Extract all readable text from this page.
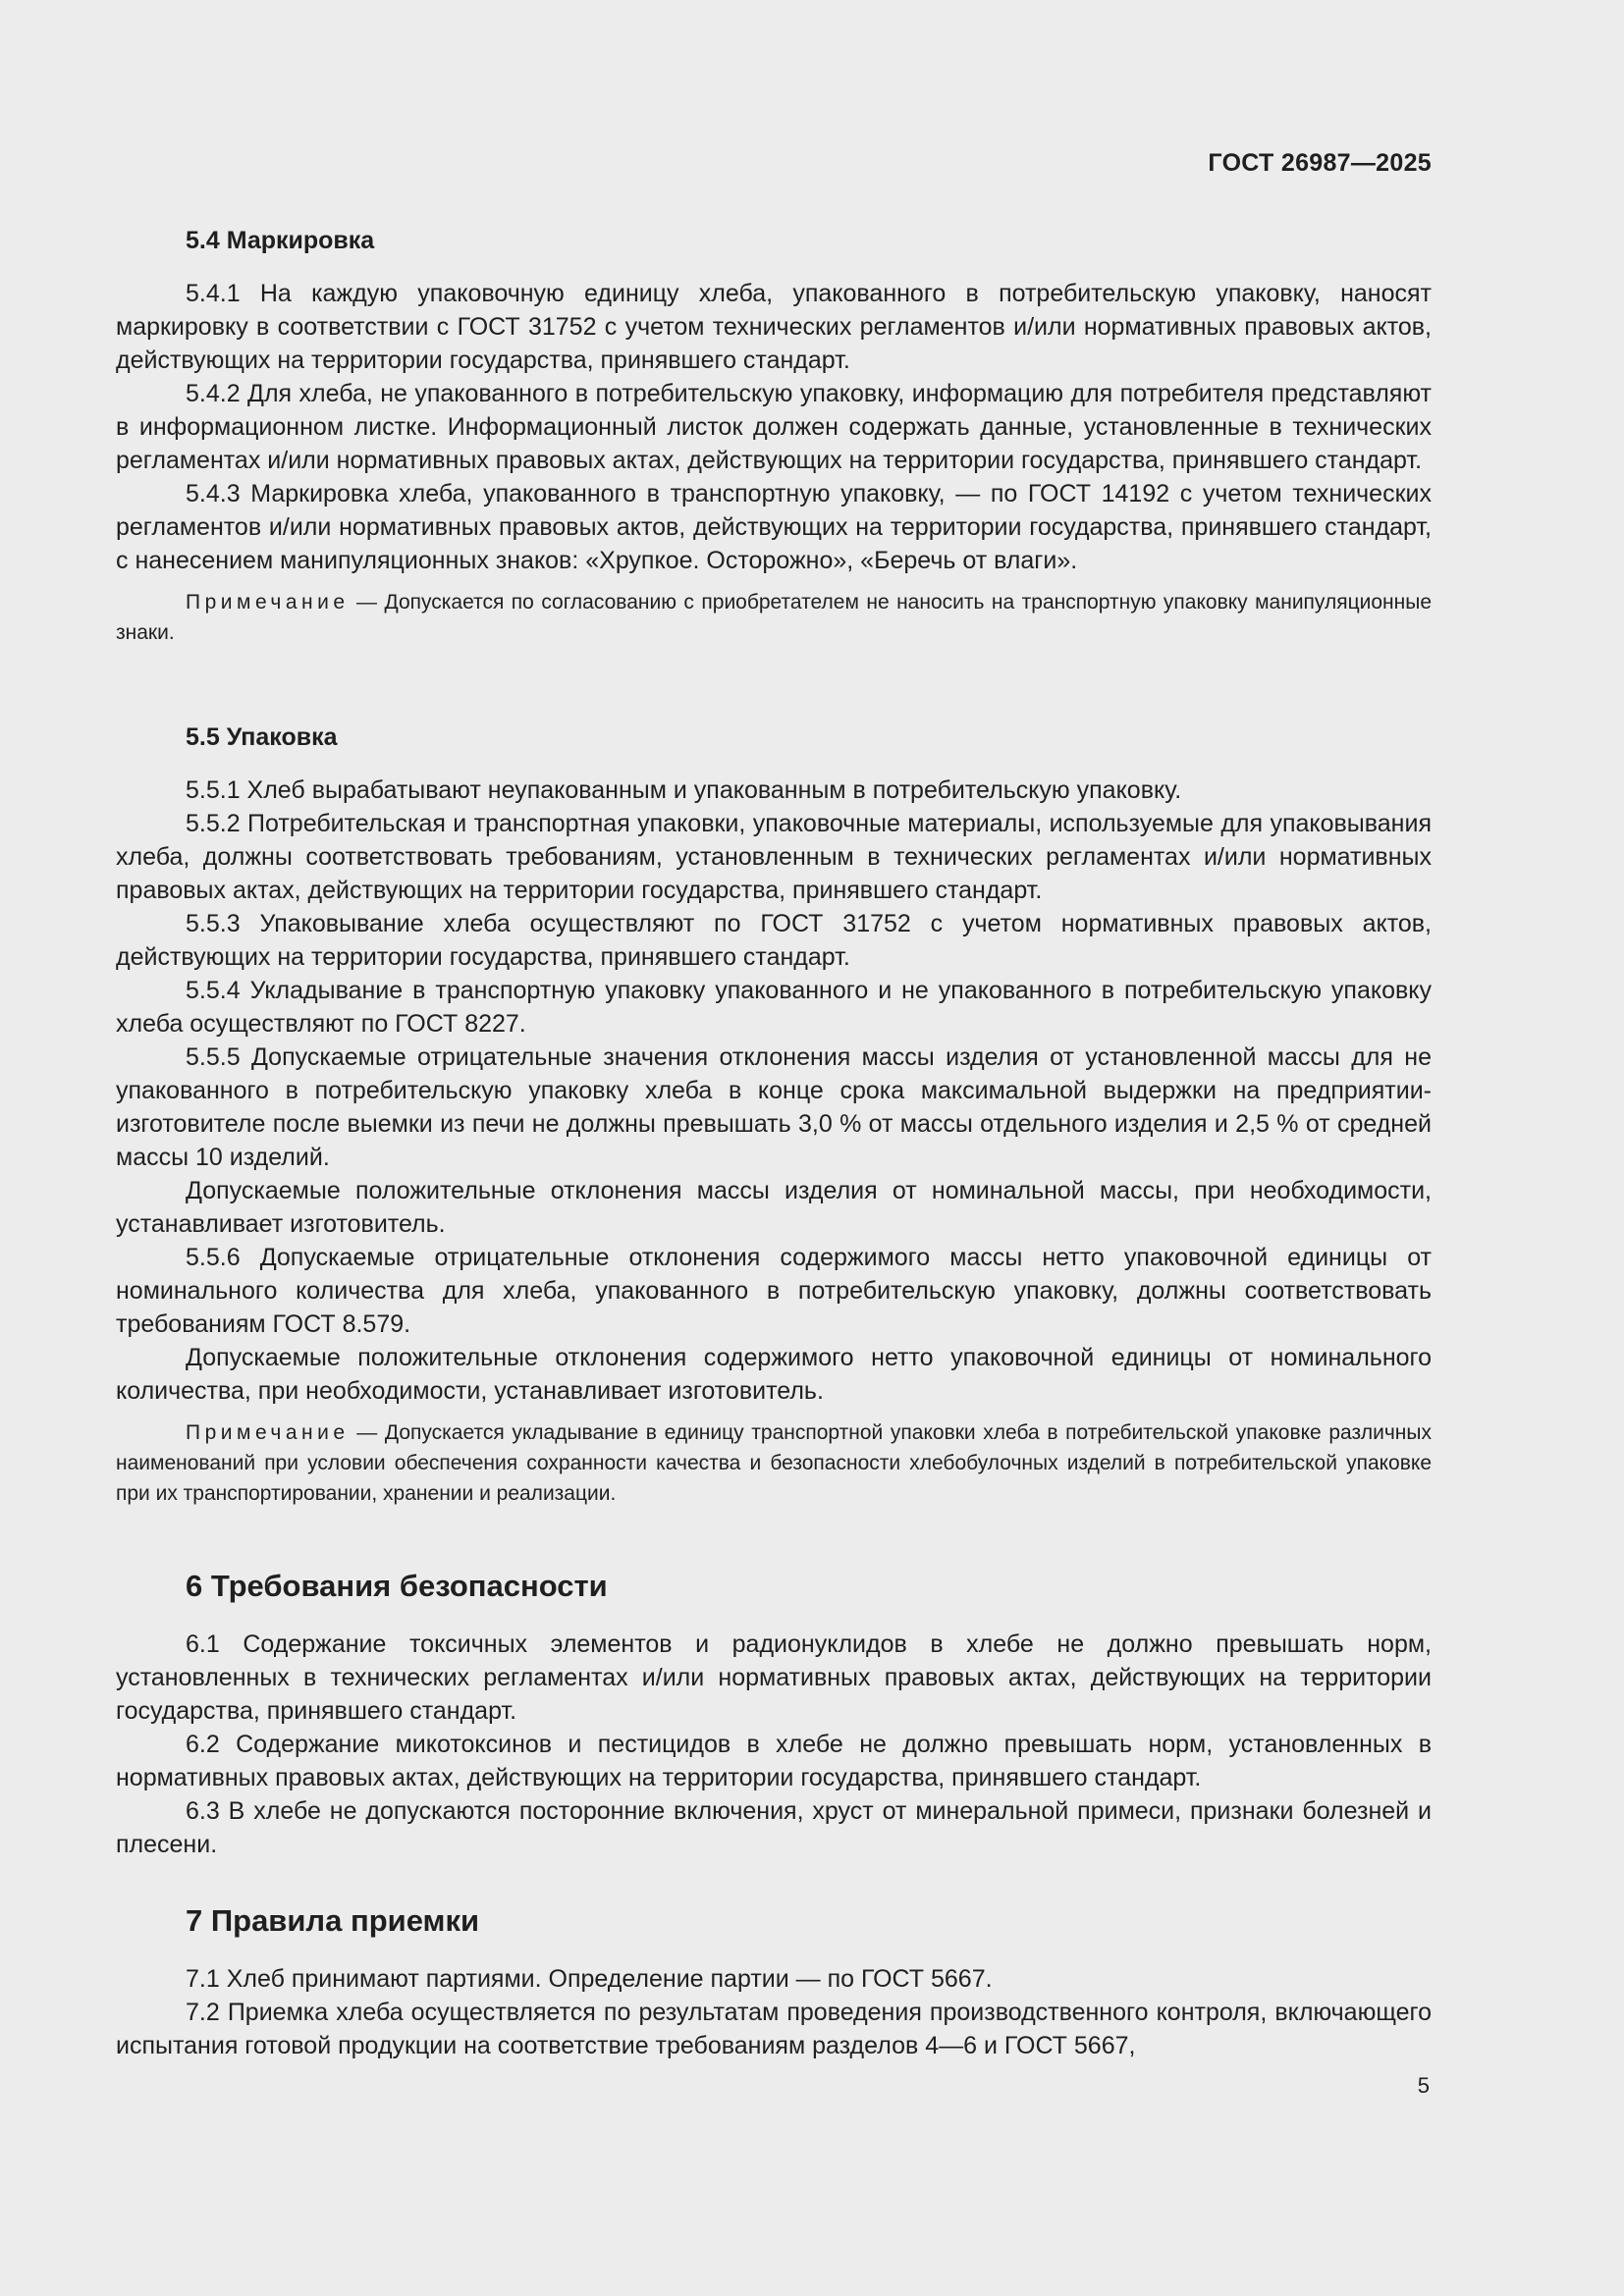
ГОСТ 26987—2025
5.4 Маркировка

5.4.1 На каждую упаковочную единицу хлеба, упакованного в потребительскую упаковку, наносят маркировку в соответствии с ГОСТ 31752 с учетом технических регламентов и/или нормативных правовых актов, действующих на территории государства, принявшего стандарт.

5.4.2 Для хлеба, не упакованного в потребительскую упаковку, информацию для потребителя представляют в информационном листке. Информационный листок должен содержать данные, установленные в технических регламентах и/или нормативных правовых актах, действующих на территории государства, принявшего стандарт.

5.4.3 Маркировка хлеба, упакованного в транспортную упаковку, — по ГОСТ 14192 с учетом технических регламентов и/или нормативных правовых актов, действующих на территории государства, принявшего стандарт, с нанесением манипуляционных знаков: «Хрупкое. Осторожно», «Беречь от влаги».

Примечание — Допускается по согласованию с приобретателем не наносить на транспортную упаковку манипуляционные знаки.

5.5 Упаковка

5.5.1 Хлеб вырабатывают неупакованным и упакованным в потребительскую упаковку.

5.5.2 Потребительская и транспортная упаковки, упаковочные материалы, используемые для упаковывания хлеба, должны соответствовать требованиям, установленным в технических регламентах и/или нормативных правовых актах, действующих на территории государства, принявшего стандарт.

5.5.3 Упаковывание хлеба осуществляют по ГОСТ 31752 с учетом нормативных правовых актов, действующих на территории государства, принявшего стандарт.

5.5.4 Укладывание в транспортную упаковку упакованного и не упакованного в потребительскую упаковку хлеба осуществляют по ГОСТ 8227.

5.5.5 Допускаемые отрицательные значения отклонения массы изделия от установленной массы для не упакованного в потребительскую упаковку хлеба в конце срока максимальной выдержки на предприятии-изготовителе после выемки из печи не должны превышать 3,0 % от массы отдельного изделия и 2,5 % от средней массы 10 изделий.

Допускаемые положительные отклонения массы изделия от номинальной массы, при необходимости, устанавливает изготовитель.

5.5.6 Допускаемые отрицательные отклонения содержимого массы нетто упаковочной единицы от номинального количества для хлеба, упакованного в потребительскую упаковку, должны соответствовать требованиям ГОСТ 8.579.

Допускаемые положительные отклонения содержимого нетто упаковочной единицы от номинального количества, при необходимости, устанавливает изготовитель.

Примечание — Допускается укладывание в единицу транспортной упаковки хлеба в потребительской упаковке различных наименований при условии обеспечения сохранности качества и безопасности хлебобулочных изделий в потребительской упаковке при их транспортировании, хранении и реализации.

6 Требования безопасности

6.1 Содержание токсичных элементов и радионуклидов в хлебе не должно превышать норм, установленных в технических регламентах и/или нормативных правовых актах, действующих на территории государства, принявшего стандарт.

6.2 Содержание микотоксинов и пестицидов в хлебе не должно превышать норм, установленных в нормативных правовых актах, действующих на территории государства, принявшего стандарт.

6.3 В хлебе не допускаются посторонние включения, хруст от минеральной примеси, признаки болезней и плесени.

7 Правила приемки

7.1 Хлеб принимают партиями. Определение партии — по ГОСТ 5667.

7.2 Приемка хлеба осуществляется по результатам проведения производственного контроля, включающего испытания готовой продукции на соответствие требованиям разделов 4—6 и ГОСТ 5667,

5
